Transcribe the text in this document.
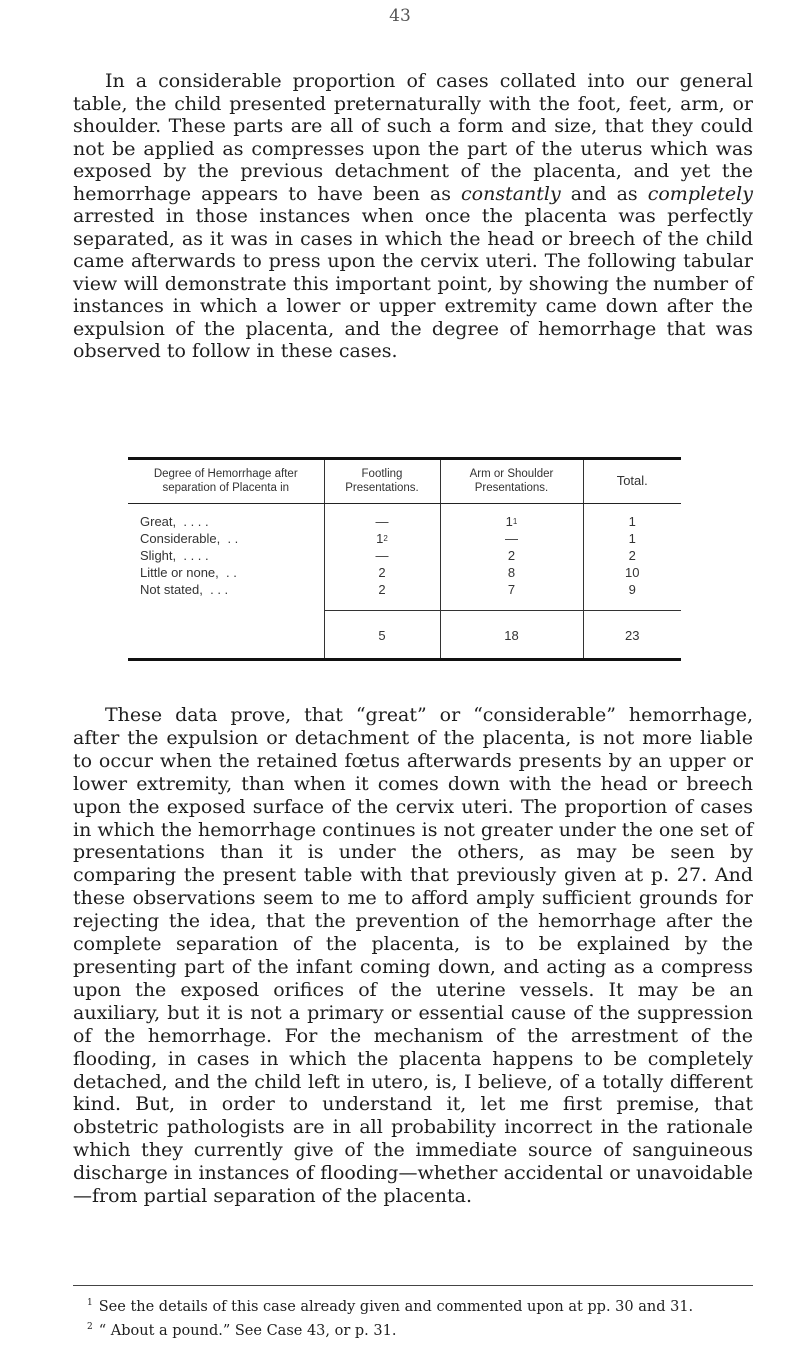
43

In a considerable proportion of cases collated into our general table, the child presented preternaturally with the foot, feet, arm, or shoulder. These parts are all of such a form and size, that they could not be applied as compresses upon the part of the uterus which was exposed by the previous detachment of the placenta, and yet the hemorrhage appears to have been as constantly and as completely arrested in those instances when once the placenta was perfectly separated, as it was in cases in which the head or breech of the child came afterwards to press upon the cervix uteri. The following tabular view will demonstrate this important point, by showing the number of instances in which a lower or upper extremity came down after the expulsion of the placenta, and the degree of hemorrhage that was observed to follow in these cases.

Degree of Hemorrhage after separation of Placenta in	Footling Presentations.	Arm or Shoulder Presentations.	Total.
Great,  . . . .	—	$1^1$	1
Considerable,  . .	$1^2$	—	1
Slight,  . . . .	—	2	2
Little or none,  . .	2	8	10
Not stated,  . . .	2	7	9
	5	18	23

These data prove, that “great” or “considerable” hemorrhage, after the expulsion or detachment of the placenta, is not more liable to occur when the retained fœtus afterwards presents by an upper or lower extremity, than when it comes down with the head or breech upon the exposed surface of the cervix uteri. The proportion of cases in which the hemorrhage continues is not greater under the one set of presentations than it is under the others, as may be seen by comparing the present table with that previously given at p. 27. And these observations seem to me to afford amply sufficient grounds for rejecting the idea, that the prevention of the hemorrhage after the complete separation of the placenta, is to be explained by the presenting part of the infant coming down, and acting as a compress upon the exposed orifices of the uterine vessels. It may be an auxiliary, but it is not a primary or essential cause of the suppression of the hemorrhage. For the mechanism of the arrestment of the flooding, in cases in which the placenta happens to be completely detached, and the child left in utero, is, I believe, of a totally different kind. But, in order to understand it, let me first premise, that obstetric pathologists are in all probability incorrect in the rationale which they currently give of the immediate source of sanguineous discharge in instances of flooding—whether accidental or unavoidable—from partial separation of the placenta.

$^1$ See the details of this case already given and commented upon at pp. 30 and 31.

$^2$ “ About a pound.” See Case 43, or p. 31.
